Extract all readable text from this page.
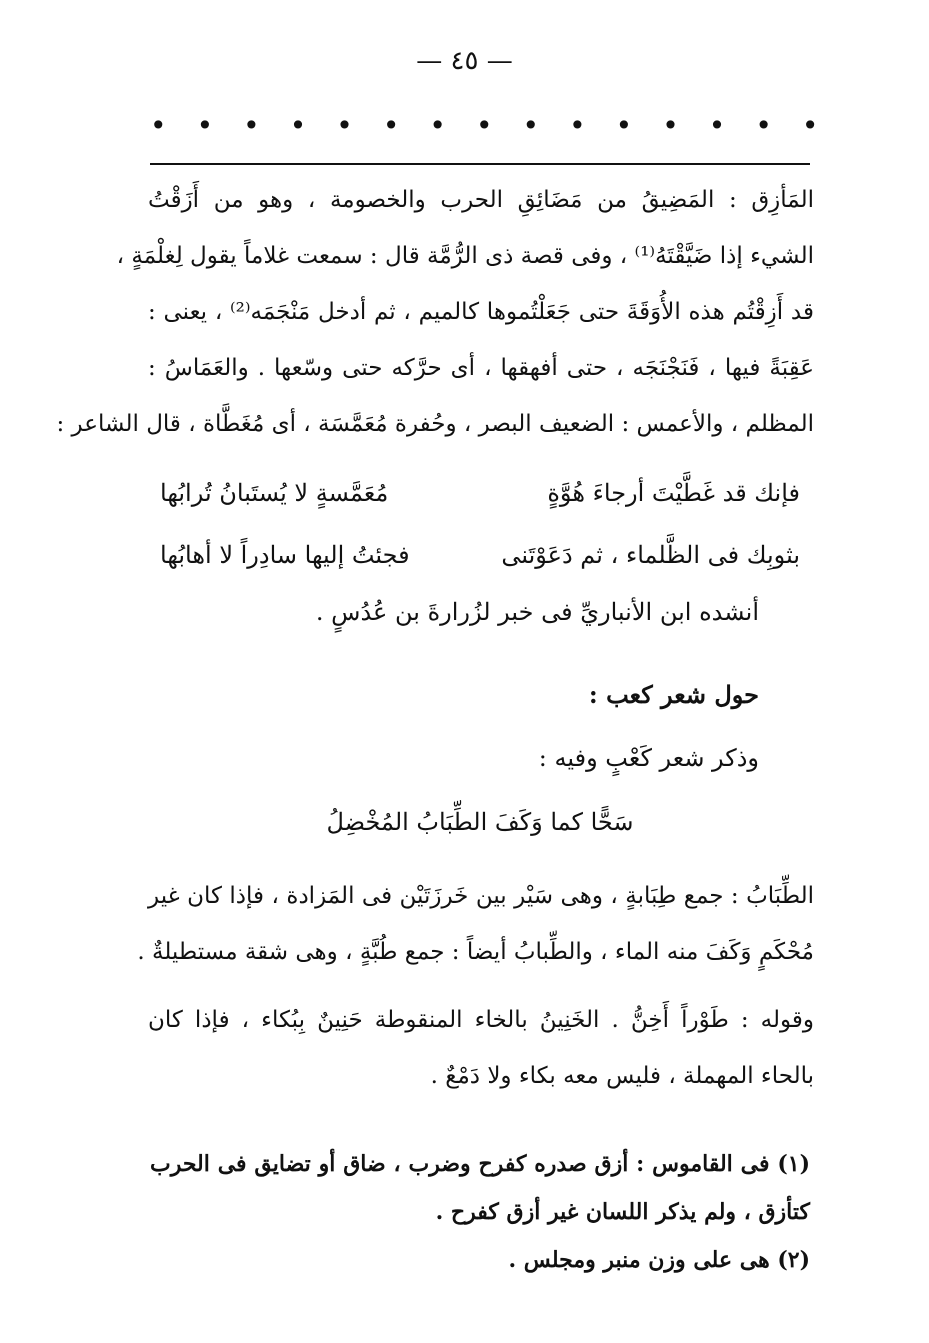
— ٤٥ —
• • • • • • • • • • • • • • •
المَأزِق : المَضِيقُ من مَضَائِقِ الحرب والخصومة ، وهو من أَزَقْتُ
الشيء إذا ضَيَّقْتَهُ⁽¹⁾ ، وفى قصة ذى الرُّمَّة قال : سمعت غلاماً يقول لِغلْمَةٍ ،
قد أَزِقْتُم هذه الأُوَقَةَ حتى جَعَلْتُموها كالميم ، ثم أدخل مَنْجَمَه⁽²⁾ ، يعنى :
عَقِبَةً فيها ، فَنَجْنَجَه ، حتى أفهقها ، أى حرَّكه حتى وسّعها . والعَمَاسُ :
المظلم ، والأعمس : الضعيف البصر ، وحُفرة مُعَمَّسَة ، أى مُغَطَّاة ، قال الشاعر :
فإنك قد غَطَّيْتَ أرجاءَ هُوَّةٍ
مُعَمَّسةٍ لا يُستَبانُ تُرابُها
بثوبِك فى الظَّلماء ، ثم دَعَوْتَنى
فجئتُ إليها سادِراً لا أهابُها
أنشده ابن الأنباريِّ فى خبر لزُرارةَ بن عُدُسٍ .
حول شعر كعب :
وذكر شعر كَعْبٍ وفيه :
سَحًّا كما وَكَفَ الطِّبَابُ المُخْضِلُ
الطِّبَابُ : جمع طِبَابةٍ ، وهى سَيْر بين خَرزَتَيْن فى المَزادة ، فإذا كان غير
مُحْكَمٍ وَكَفَ منه الماء ، والطِّبابُ أيضاً : جمع طُبَّةٍ ، وهى شقة مستطيلةٌ .
وقوله : طَوْراً أَخِنُّ . الخَنِينُ بالخاء المنقوطة حَنِينٌ بِبُكاء ، فإذا كان
بالحاء المهملة ، فليس معه بكاء ولا دَمْعٌ .
(١) فى القاموس : أزق صدره كفرح وضرب ، ضاق أو تضايق فى الحرب
كتأزق ، ولم يذكر اللسان غير أزق كفرح .
(٢) هى على وزن منبر ومجلس .
